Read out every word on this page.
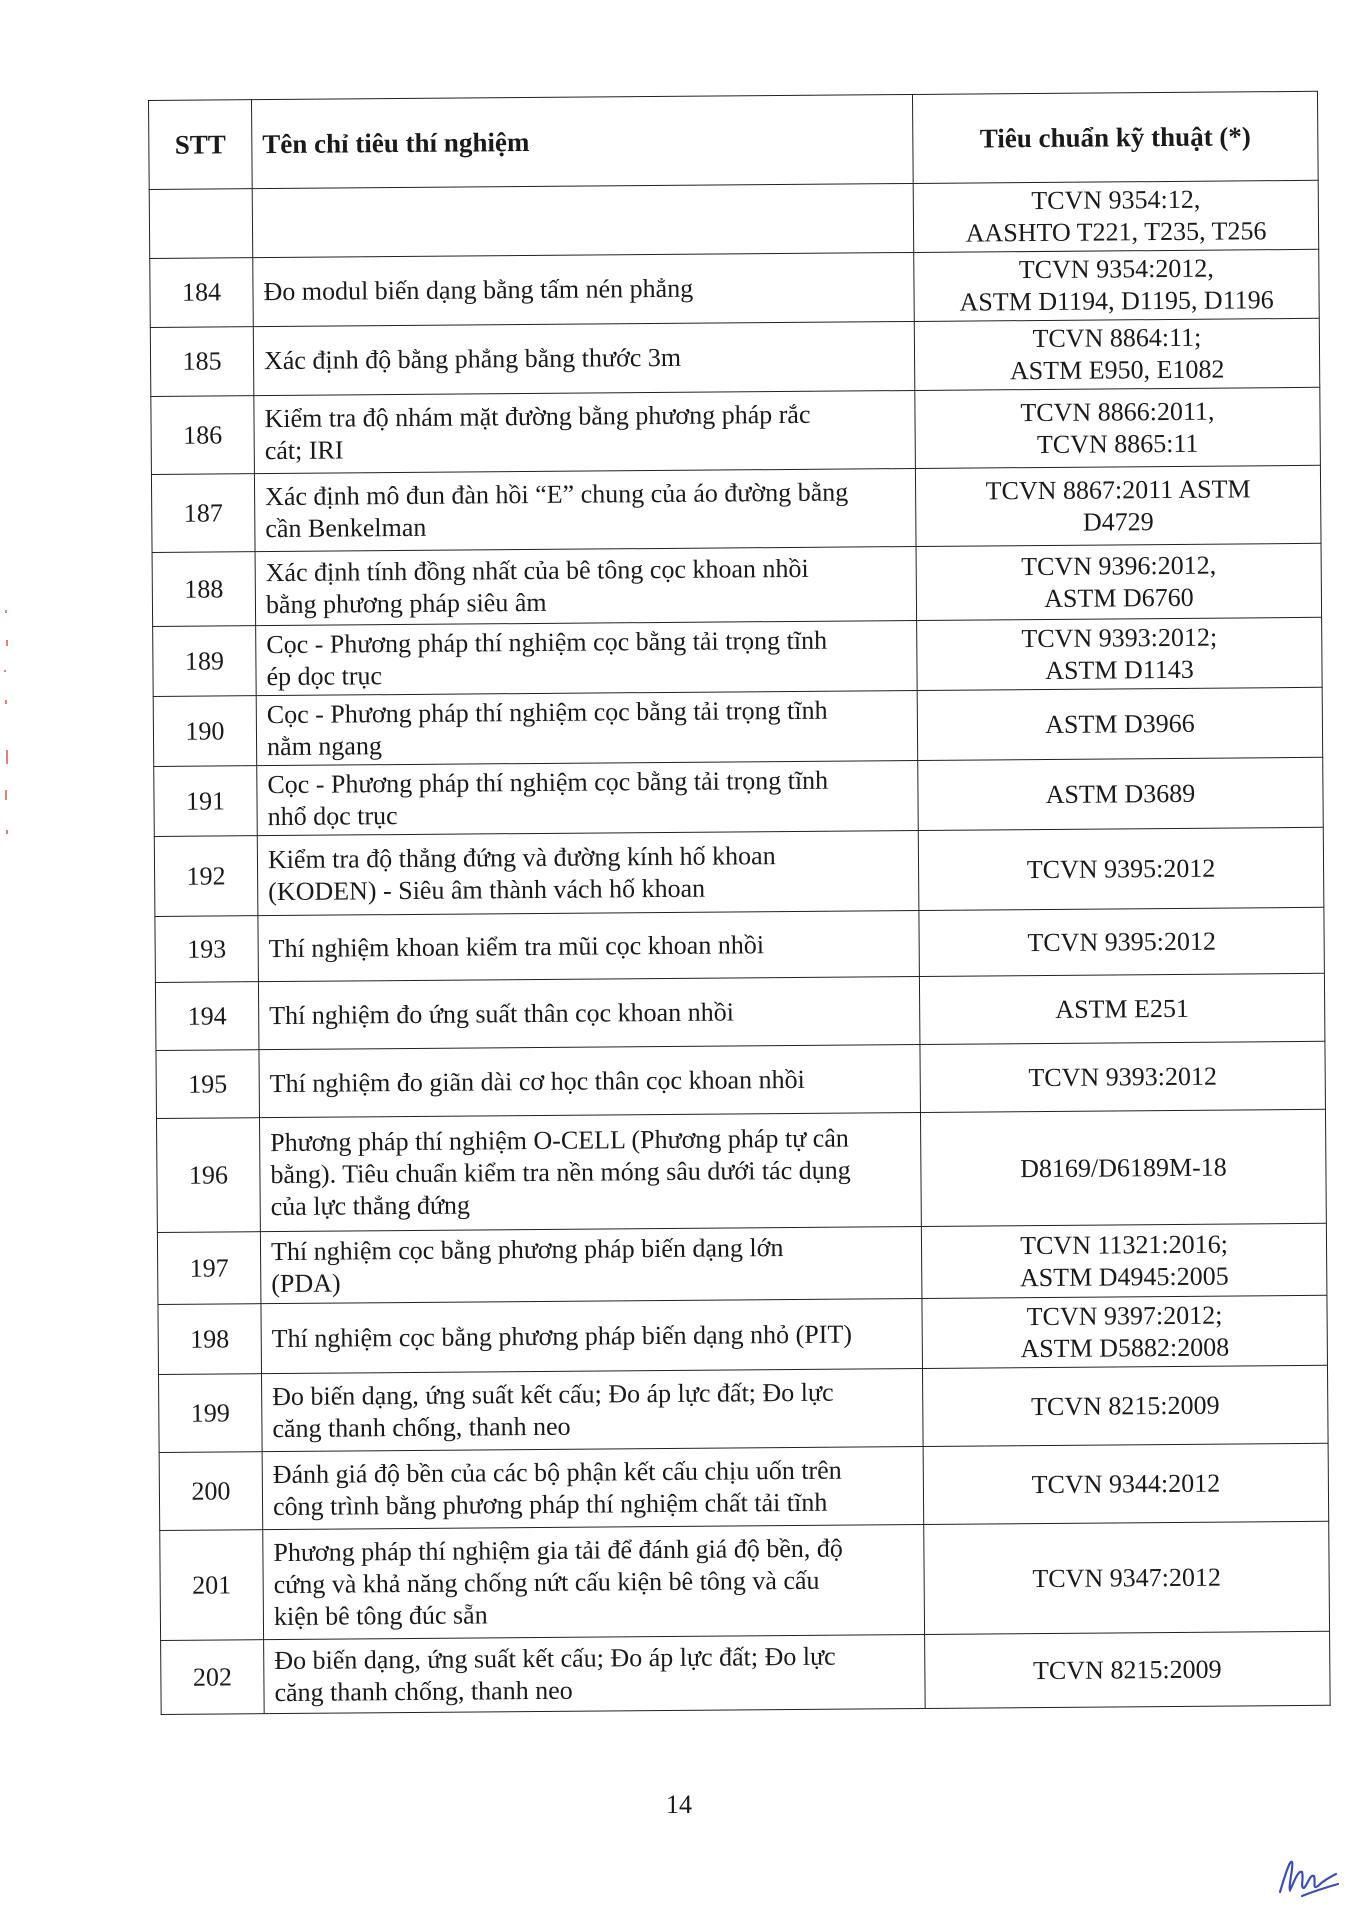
STT	Tên chỉ tiêu thí nghiệm	Tiêu chuẩn kỹ thuật (*)
		TCVN 9354:12,
AASHTO T221, T235, T256
184	Đo modul biến dạng bằng tấm nén phẳng	TCVN 9354:2012,
ASTM D1194, D1195, D1196
185	Xác định độ bằng phẳng bằng thước 3m	TCVN 8864:11;
ASTM E950, E1082
186	Kiểm tra độ nhám mặt đường bằng phương pháp rắc
cát; IRI	TCVN 8866:2011,
TCVN 8865:11
187	Xác định mô đun đàn hồi “E” chung của áo đường bằng
cần Benkelman	TCVN 8867:2011 ASTM
D4729
188	Xác định tính đồng nhất của bê tông cọc khoan nhồi
bằng phương pháp siêu âm	TCVN 9396:2012,
ASTM D6760
189	Cọc - Phương pháp thí nghiệm cọc bằng tải trọng tĩnh
ép dọc trục	TCVN 9393:2012;
ASTM D1143
190	Cọc - Phương pháp thí nghiệm cọc bằng tải trọng tĩnh
nằm ngang	ASTM D3966
191	Cọc - Phương pháp thí nghiệm cọc bằng tải trọng tĩnh
nhổ dọc trục	ASTM D3689
192	Kiểm tra độ thẳng đứng và đường kính hố khoan
(KODEN) - Siêu âm thành vách hố khoan	TCVN 9395:2012
193	Thí nghiệm khoan kiểm tra mũi cọc khoan nhồi	TCVN 9395:2012
194	Thí nghiệm đo ứng suất thân cọc khoan nhồi	ASTM E251
195	Thí nghiệm đo giãn dài cơ học thân cọc khoan nhồi	TCVN 9393:2012
196	Phương pháp thí nghiệm O-CELL (Phương pháp tự cân
bằng). Tiêu chuẩn kiểm tra nền móng sâu dưới tác dụng
của lực thẳng đứng	D8169/D6189M-18
197	Thí nghiệm cọc bằng phương pháp biến dạng lớn
(PDA)	TCVN 11321:2016;
ASTM D4945:2005
198	Thí nghiệm cọc bằng phương pháp biến dạng nhỏ (PIT)	TCVN 9397:2012;
ASTM D5882:2008
199	Đo biến dạng, ứng suất kết cấu; Đo áp lực đất; Đo lực
căng thanh chống, thanh neo	TCVN 8215:2009
200	Đánh giá độ bền của các bộ phận kết cấu chịu uốn trên
công trình bằng phương pháp thí nghiệm chất tải tĩnh	TCVN 9344:2012
201	Phương pháp thí nghiệm gia tải để đánh giá độ bền, độ
cứng và khả năng chống nứt cấu kiện bê tông và cấu
kiện bê tông đúc sẵn	TCVN 9347:2012
202	Đo biến dạng, ứng suất kết cấu; Đo áp lực đất; Đo lực
căng thanh chống, thanh neo	TCVN 8215:2009
14
